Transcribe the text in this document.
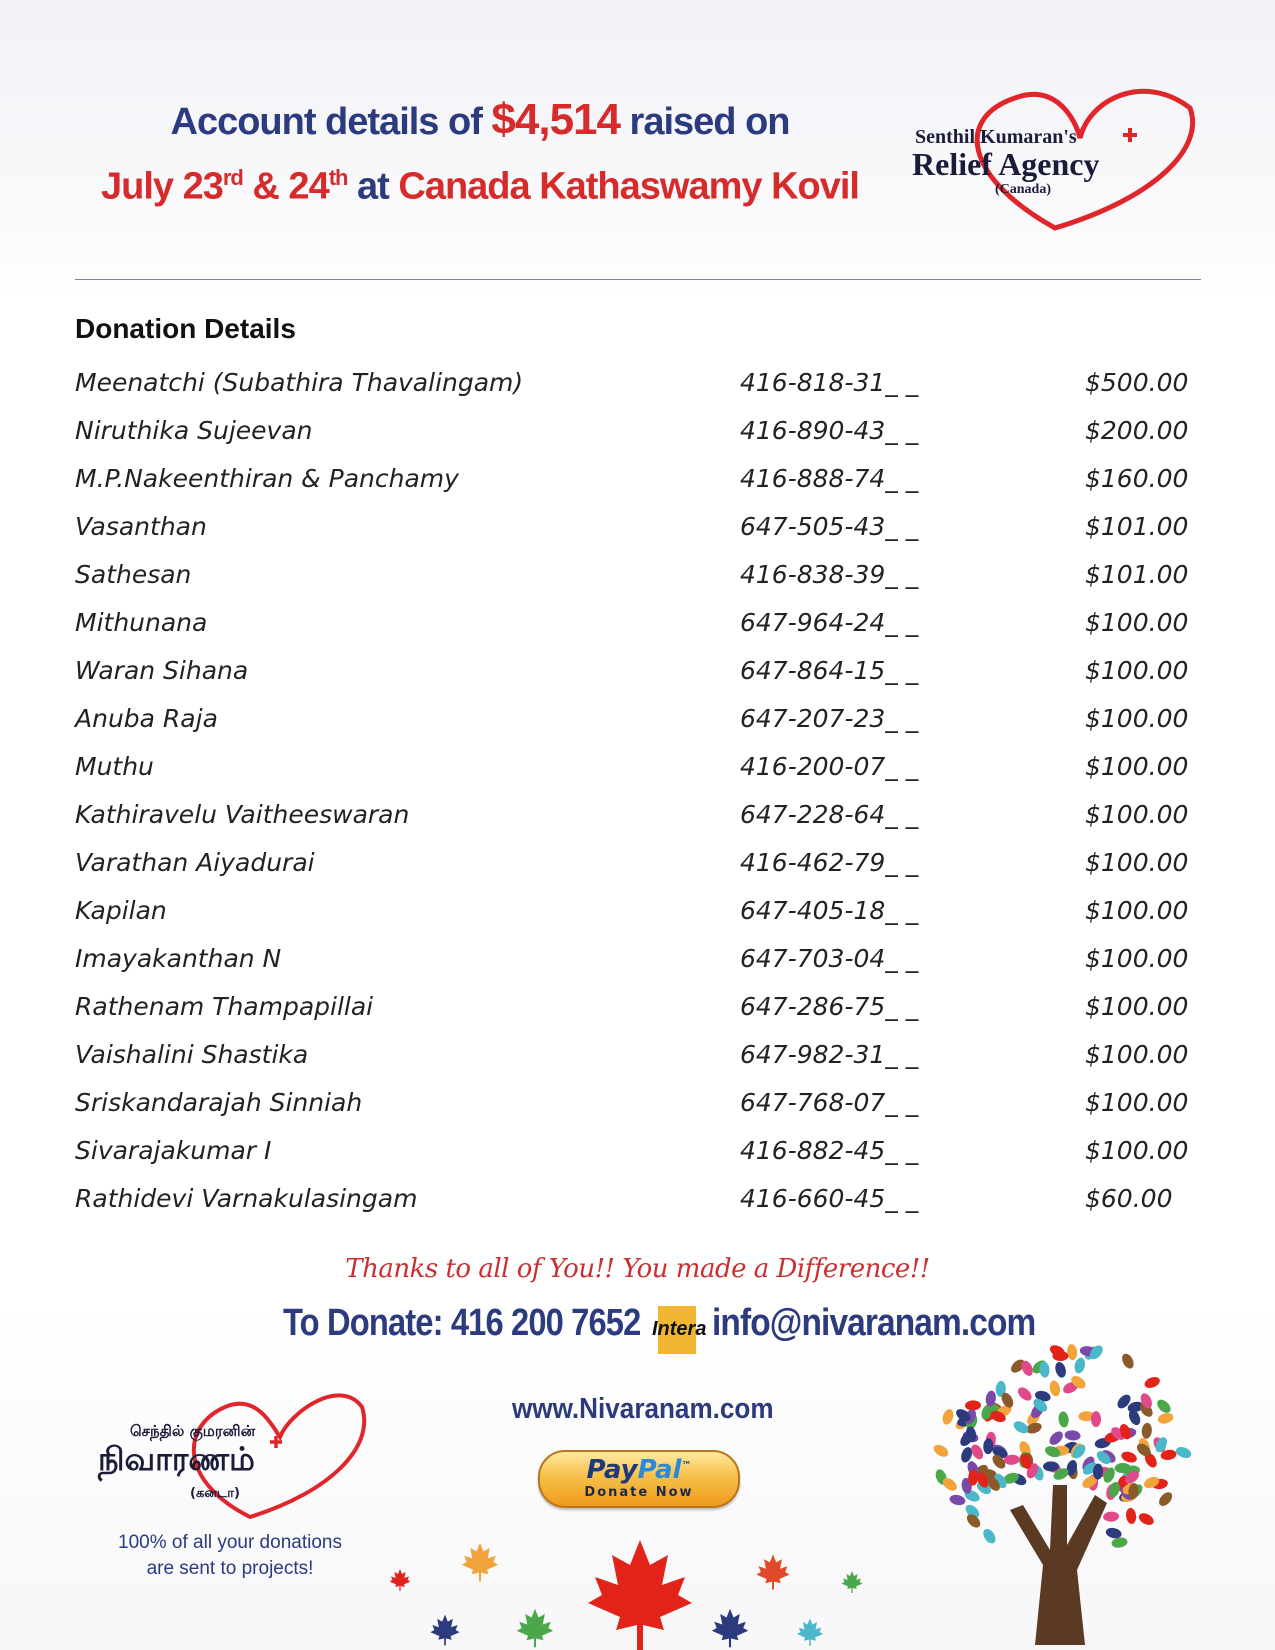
Account details of $4,514 raised on
July 23rd & 24th at Canada Kathaswamy Kovil
Senthil Kumaran's
Relief Agency
(Canada)
Donation Details
Meenatchi (Subathira Thavalingam)	416-818-31_ _	$500.00
Niruthika Sujeevan	416-890-43_ _	$200.00
M.P.Nakeenthiran & Panchamy	416-888-74_ _	$160.00
Vasanthan	647-505-43_ _	$101.00
Sathesan	416-838-39_ _	$101.00
Mithunana	647-964-24_ _	$100.00
Waran Sihana	647-864-15_ _	$100.00
Anuba Raja	647-207-23_ _	$100.00
Muthu	416-200-07_ _	$100.00
Kathiravelu Vaitheeswaran	647-228-64_ _	$100.00
Varathan Aiyadurai	416-462-79_ _	$100.00
Kapilan	647-405-18_ _	$100.00
Imayakanthan N	647-703-04_ _	$100.00
Rathenam Thampapillai	647-286-75_ _	$100.00
Vaishalini Shastika	647-982-31_ _	$100.00
Sriskandarajah Sinniah	647-768-07_ _	$100.00
Sivarajakumar I	416-882-45_ _	$100.00
Rathidevi Varnakulasingam	416-660-45_ _	$60.00
Thanks to all of You!! You made a Difference!!
To Donate: 416 200 7652 Intera info@nivaranam.com
www.Nivaranam.com
PayPal™
Donate Now
செந்தில் குமரனின்
நிவாரணம்
(கனடா)
100% of all your donations
are sent to projects!
